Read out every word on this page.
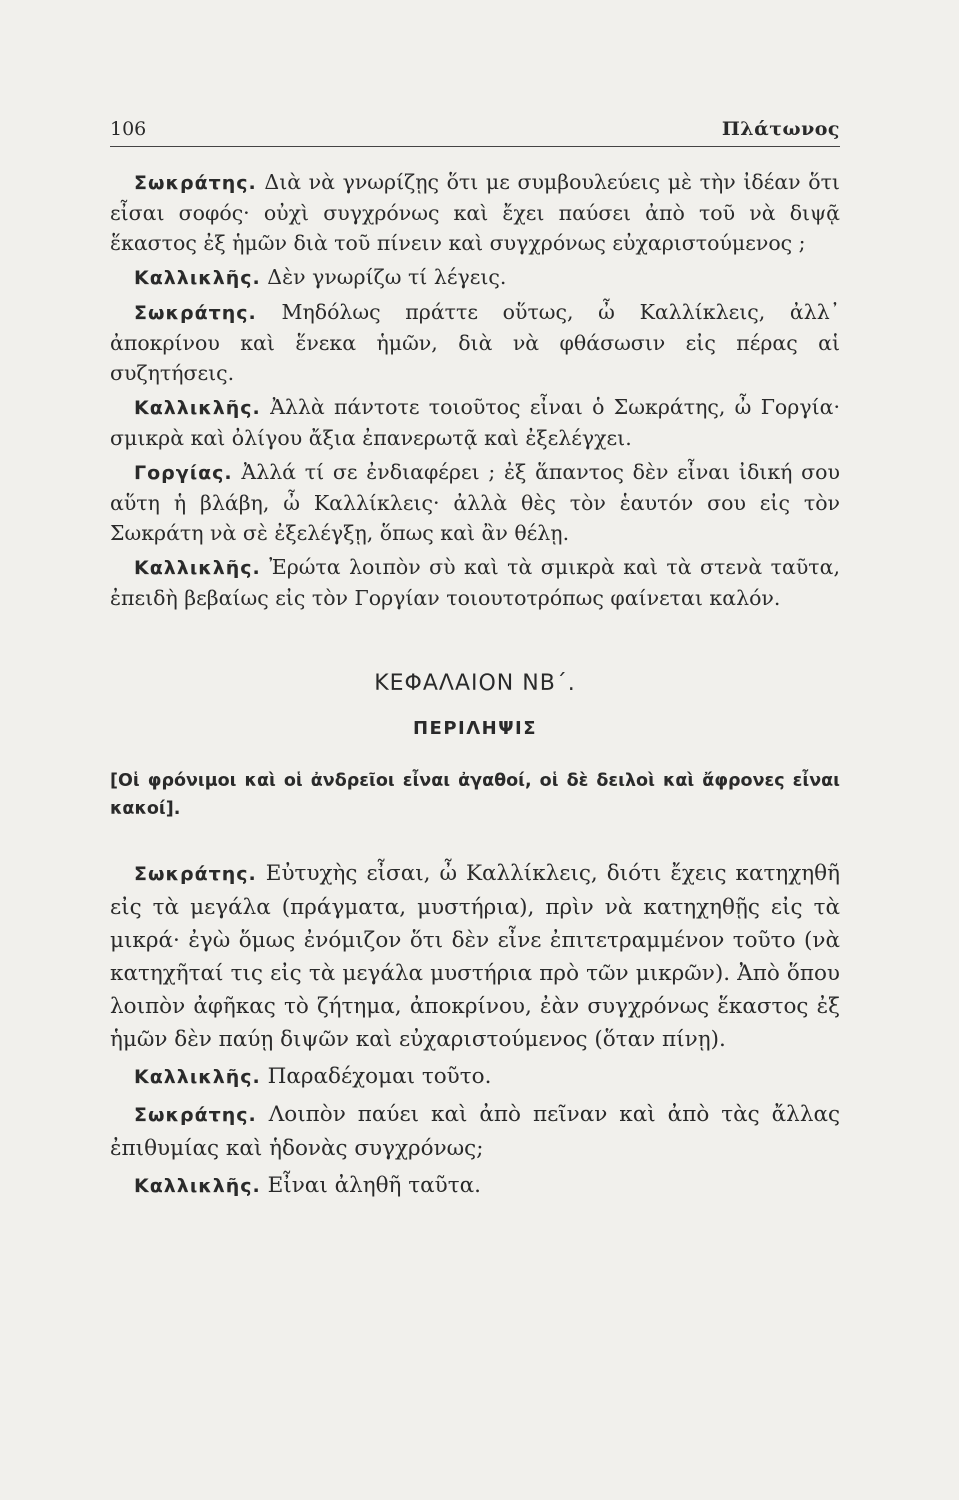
106	Πλάτωνος

Σωκράτης. Διὰ νὰ γνωρίζῃς ὅτι με συμβουλεύεις μὲ τὴν ἰδέαν ὅτι εἶσαι σοφός· οὐχὶ συγχρόνως καὶ ἔχει παύσει ἀπὸ τοῦ νὰ διψᾷ ἕκαστος ἐξ ἡμῶν διὰ τοῦ πίνειν καὶ συγχρόνως εὐχαριστούμενος ;

Καλλικλῆς. Δὲν γνωρίζω τί λέγεις.

Σωκράτης. Μηδόλως πράττε οὕτως, ὦ Καλλίκλεις, ἀλλ᾽ ἀποκρίνου καὶ ἕνεκα ἡμῶν, διὰ νὰ φθάσωσιν εἰς πέρας αἱ συζητήσεις.

Καλλικλῆς. Ἀλλὰ πάντοτε τοιοῦτος εἶναι ὁ Σωκράτης, ὦ Γοργία· σμικρὰ καὶ ὀλίγου ἄξια ἐπανερωτᾷ καὶ ἐξελέγχει.

Γοργίας. Ἀλλά τί σε ἐνδιαφέρει ; ἐξ ἅπαντος δὲν εἶναι ἰδική σου αὕτη ἡ βλάβη, ὦ Καλλίκλεις· ἀλλὰ θὲς τὸν ἑαυτόν σου εἰς τὸν Σωκράτη νὰ σὲ ἐξελέγξῃ, ὅπως καὶ ἂν θέλῃ.

Καλλικλῆς. Ἐρώτα λοιπὸν σὺ καὶ τὰ σμικρὰ καὶ τὰ στενὰ ταῦτα, ἐπειδὴ βεβαίως εἰς τὸν Γοργίαν τοιουτοτρόπως φαίνεται καλόν.

ΚΕΦΑΛΑΙΟΝ ΝΒ΄.
ΠΕΡΙΛΗΨΙΣ
[Οἱ φρόνιμοι καὶ οἱ ἀνδρεῖοι εἶναι ἀγαθοί, οἱ δὲ δειλοὶ καὶ ἄφρονες εἶναι κακοί].

Σωκράτης. Εὐτυχὴς εἶσαι, ὦ Καλλίκλεις, διότι ἔχεις κατηχηθῆ εἰς τὰ μεγάλα (πράγματα, μυστήρια), πρὶν νὰ κατηχηθῇς εἰς τὰ μικρά· ἐγὼ ὅμως ἐνόμιζον ὅτι δὲν εἶνε ἐπιτετραμμένον τοῦτο (νὰ κατηχῆταί τις εἰς τὰ μεγάλα μυστήρια πρὸ τῶν μικρῶν). Ἀπὸ ὅπου λοιπὸν ἀφῆκας τὸ ζήτημα, ἀποκρίνου, ἐὰν συγχρόνως ἕκαστος ἐξ ἡμῶν δὲν παύῃ διψῶν καὶ εὐχαριστούμενος (ὅταν πίνῃ).

Καλλικλῆς. Παραδέχομαι τοῦτο.

Σωκράτης. Λοιπὸν παύει καὶ ἀπὸ πεῖναν καὶ ἀπὸ τὰς ἄλλας ἐπιθυμίας καὶ ἡδονὰς συγχρόνως;

Καλλικλῆς. Εἶναι ἀληθῆ ταῦτα.
